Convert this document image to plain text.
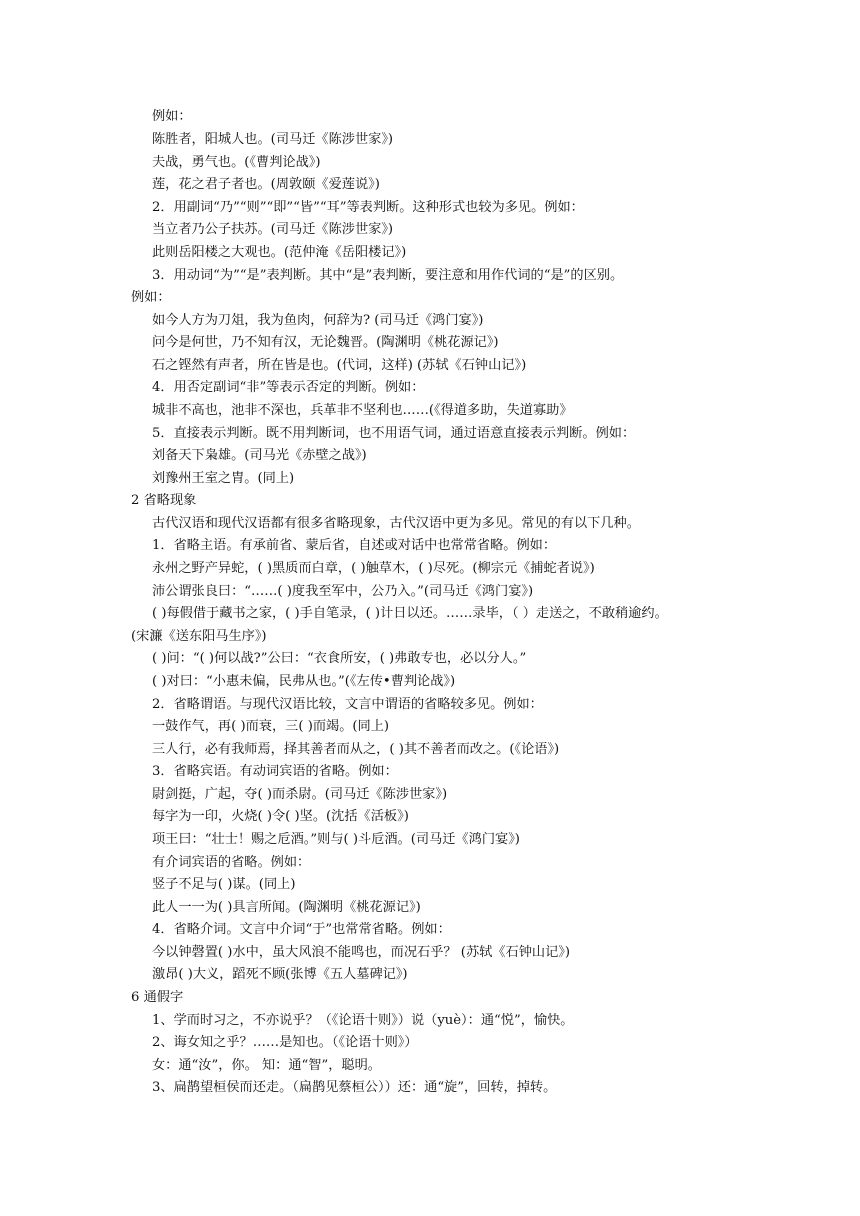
例如：
陈胜者，阳城人也。(司马迁《陈涉世家》)
夫战，勇气也。(《曹判论战》)
莲，花之君子者也。(周敦颐《爱莲说》)
2．用副词“乃”“则”“即”“皆”“耳”等表判断。这种形式也较为多见。例如：
当立者乃公子扶苏。(司马迁《陈涉世家》)
此则岳阳楼之大观也。(范仲淹《岳阳楼记》)
3．用动词“为”“是”表判断。其中“是”表判断，要注意和用作代词的“是”的区别。
例如：
如今人方为刀俎，我为鱼肉，何辞为? (司马迁《鸿门宴》)
问今是何世，乃不知有汉，无论魏晋。(陶渊明《桃花源记》)
石之铿然有声者，所在皆是也。(代词，这样) (苏轼《石钟山记》)
4．用否定副词“非”等表示否定的判断。例如：
城非不高也，池非不深也，兵革非不坚利也……(《得道多助，失道寡助》
5．直接表示判断。既不用判断词，也不用语气词，通过语意直接表示判断。例如：
刘备天下枭雄。(司马光《赤壁之战》)
刘豫州王室之胄。(同上)
2 省略现象
古代汉语和现代汉语都有很多省略现象，古代汉语中更为多见。常见的有以下几种。
1．省略主语。有承前省、蒙后省，自述或对话中也常常省略。例如：
永州之野产异蛇，( )黑质而白章，( )触草木，( )尽死。(柳宗元《捕蛇者说》)
沛公谓张良曰：“……( )度我至军中，公乃入。”(司马迁《鸿门宴》)
( )每假借于藏书之家，( )手自笔录，( )计日以还。……录毕，（ ）走送之，不敢稍逾约。
(宋濂《送东阳马生序》)
( )问：“( )何以战?”公曰：“衣食所安，( )弗敢专也，必以分人。”
( )对曰：“小惠未偏，民弗从也。”(《左传•曹判论战》)
2．省略谓语。与现代汉语比较，文言中谓语的省略较多见。例如：
一鼓作气，再( )而衰，三( )而竭。(同上)
三人行，必有我师焉，择其善者而从之，( )其不善者而改之。(《论语》)
3．省略宾语。有动词宾语的省略。例如：
尉剑挺，广起，夺( )而杀尉。(司马迁《陈涉世家》)
每字为一印，火烧( )令( )坚。(沈括《活板》)
项王曰：“壮士！赐之卮酒。”则与( )斗卮酒。(司马迁《鸿门宴》)
有介词宾语的省略。例如：
竖子不足与( )谋。(同上)
此人一一为( )具言所闻。(陶渊明《桃花源记》)
4．省略介词。文言中介词“于”也常常省略。例如：
今以钟磬置( )水中，虽大风浪不能鸣也，而况石乎？ (苏轼《石钟山记》)
激昂( )大义，蹈死不顾(张博《五人墓碑记》)
6 通假字
1、学而时习之，不亦说乎？（《论语十则》）说（yuè）：通“悦”，愉快。
2、诲女知之乎？……是知也。（《论语十则》）
女：通“汝”，你。 知：通“智”，聪明。
3、扁鹊望桓侯而还走。（扁鹊见蔡桓公））还：通“旋”，回转，掉转。
